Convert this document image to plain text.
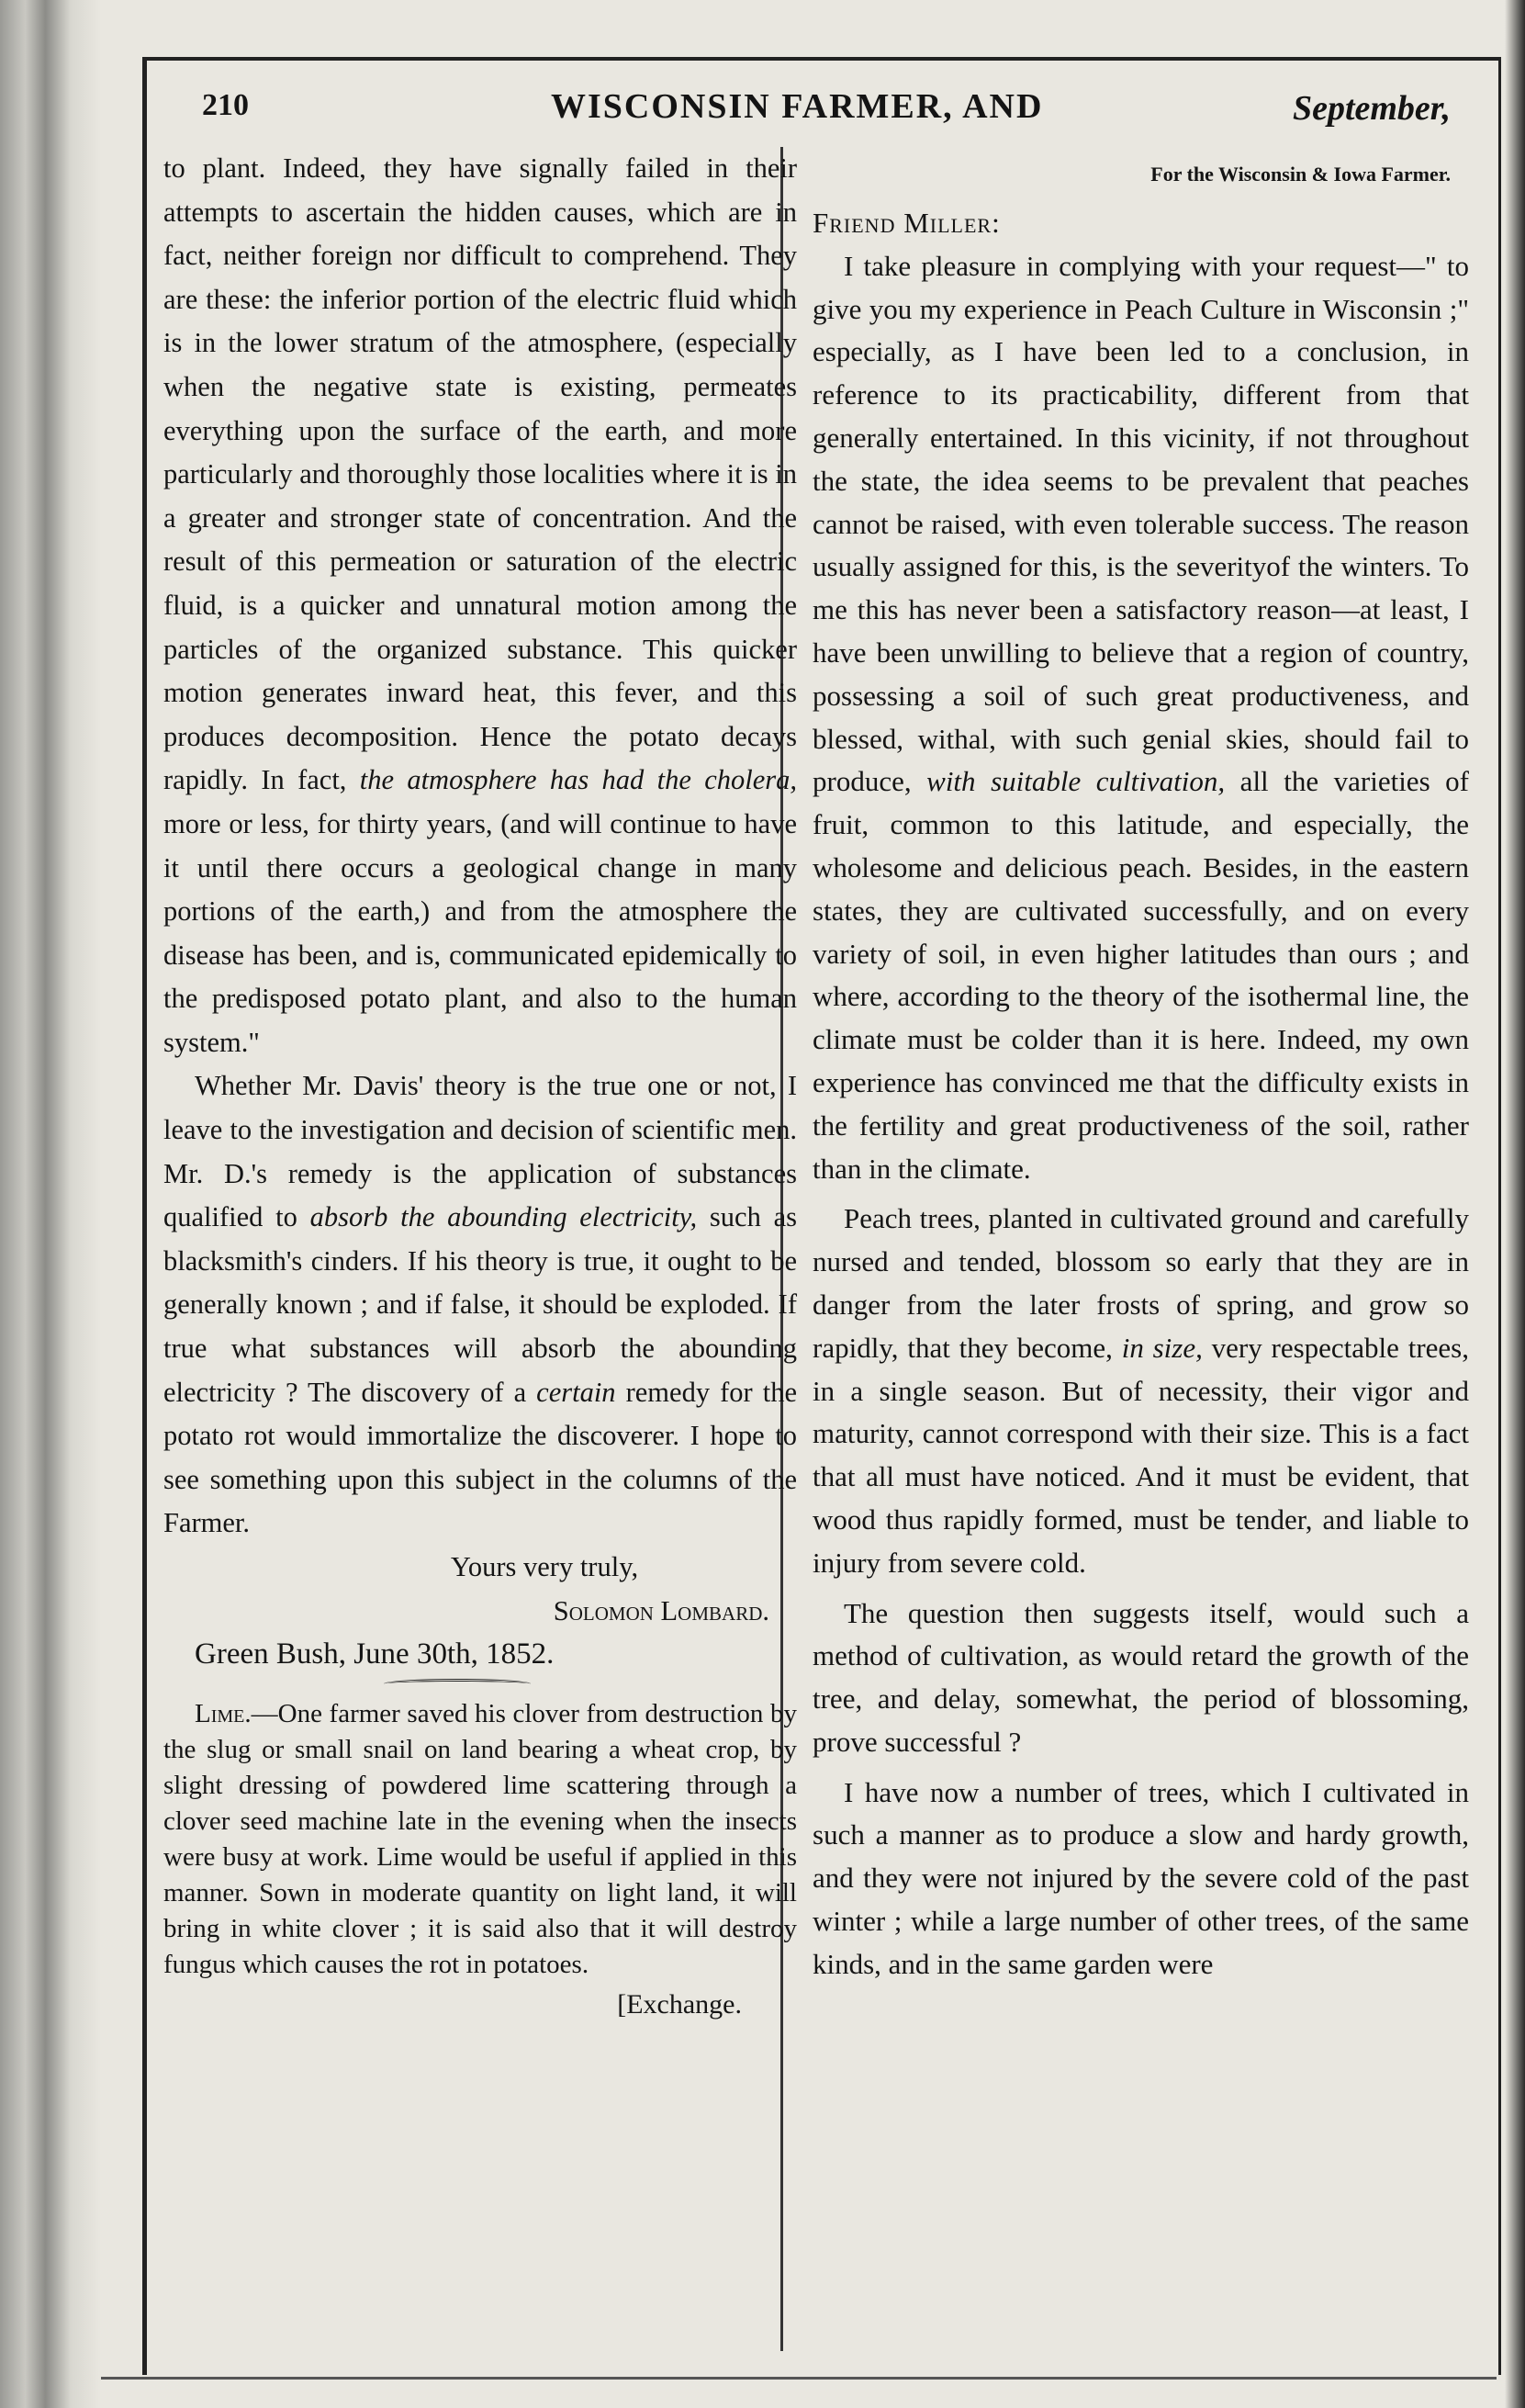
210	WISCONSIN FARMER, AND	September,

to plant. Indeed, they have signally failed in their attempts to ascertain the hidden causes, which are in fact, neither foreign nor difficult to comprehend. They are these: the inferior portion of the electric fluid which is in the lower stratum of the atmosphere, (especially when the negative state is existing, permeates everything upon the surface of the earth, and more particularly and thoroughly those localities where it is in a greater and stronger state of concentration. And the result of this permeation or saturation of the electric fluid, is a quicker and unnatural motion among the particles of the organized substance. This quicker motion generates inward heat, this fever, and this produces decomposition. Hence the potato decays rapidly. In fact, the atmosphere has had the cholera, more or less, for thirty years, (and will continue to have it until there occurs a geological change in many portions of the earth,) and from the atmosphere the disease has been, and is, communicated epidemically to the predisposed potato plant, and also to the human system."

Whether Mr. Davis' theory is the true one or not, I leave to the investigation and decision of scientific men. Mr. D.'s remedy is the application of substances qualified to absorb the abounding electricity, such as blacksmith's cinders. If his theory is true, it ought to be generally known ; and if false, it should be exploded. If true what substances will absorb the abounding electricity ? The discovery of a certain remedy for the potato rot would immortalize the discoverer. I hope to see something upon this subject in the columns of the Farmer.

Yours very truly,

Solomon Lombard.

Green Bush, June 30th, 1852.

Lime.—One farmer saved his clover from destruction by the slug or small snail on land bearing a wheat crop, by slight dressing of powdered lime scattering through a clover seed machine late in the evening when the insects were busy at work. Lime would be useful if applied in this manner. Sown in moderate quantity on light land, it will bring in white clover ; it is said also that it will destroy fungus which causes the rot in potatoes.

[Exchange.

For the Wisconsin & Iowa Farmer.

Friend Miller:

I take pleasure in complying with your request—" to give you my experience in Peach Culture in Wisconsin ;" especially, as I have been led to a conclusion, in reference to its practicability, different from that generally entertained. In this vicinity, if not throughout the state, the idea seems to be prevalent that peaches cannot be raised, with even tolerable success. The reason usually assigned for this, is the severityof the winters. To me this has never been a satisfactory reason—at least, I have been unwilling to believe that a region of country, possessing a soil of such great productiveness, and blessed, withal, with such genial skies, should fail to produce, with suitable cultivation, all the varieties of fruit, common to this latitude, and especially, the wholesome and delicious peach. Besides, in the eastern states, they are cultivated successfully, and on every variety of soil, in even higher latitudes than ours ; and where, according to the theory of the isothermal line, the climate must be colder than it is here. Indeed, my own experience has convinced me that the difficulty exists in the fertility and great productiveness of the soil, rather than in the climate.

Peach trees, planted in cultivated ground and carefully nursed and tended, blossom so early that they are in danger from the later frosts of spring, and grow so rapidly, that they become, in size, very respectable trees, in a single season. But of necessity, their vigor and maturity, cannot correspond with their size. This is a fact that all must have noticed. And it must be evident, that wood thus rapidly formed, must be tender, and liable to injury from severe cold.

The question then suggests itself, would such a method of cultivation, as would retard the growth of the tree, and delay, somewhat, the period of blossoming, prove successful ?

I have now a number of trees, which I cultivated in such a manner as to produce a slow and hardy growth, and they were not injured by the severe cold of the past winter ; while a large number of other trees, of the same kinds, and in the same garden were
